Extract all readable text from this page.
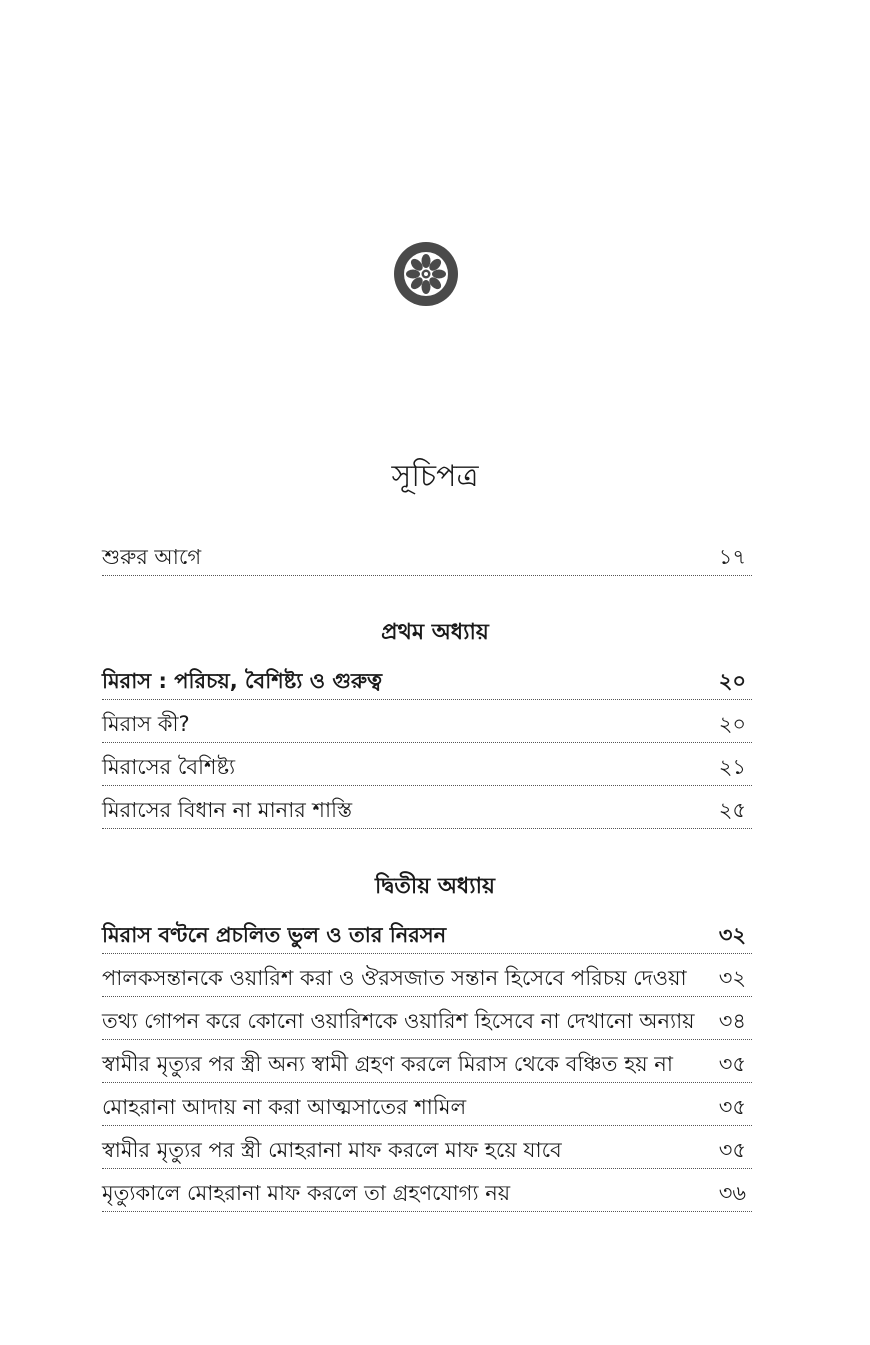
সূচিপত্র
শুরুর আগে	১৭
প্রথম অধ্যায়
মিরাস : পরিচয়, বৈশিষ্ট্য ও গুরুত্ব	২০
মিরাস কী?	২০
মিরাসের বৈশিষ্ট্য	২১
মিরাসের বিধান না মানার শাস্তি	২৫
দ্বিতীয় অধ্যায়
মিরাস বণ্টনে প্রচলিত ভুল ও তার নিরসন	৩২
পালকসন্তানকে ওয়ারিশ করা ও ঔরসজাত সন্তান হিসেবে পরিচয় দেওয়া ৩২
তথ্য গোপন করে কোনো ওয়ারিশকে ওয়ারিশ হিসেবে না দেখানো অন্যায় ৩৪
স্বামীর মৃত্যুর পর স্ত্রী অন্য স্বামী গ্রহণ করলে মিরাস থেকে বঞ্চিত হয় না ৩৫
মোহরানা আদায় না করা আত্মসাতের শামিল	৩৫
স্বামীর মৃত্যুর পর স্ত্রী মোহরানা মাফ করলে মাফ হয়ে যাবে	৩৫
মৃত্যুকালে মোহরানা মাফ করলে তা গ্রহণযোগ্য নয়	৩৬
